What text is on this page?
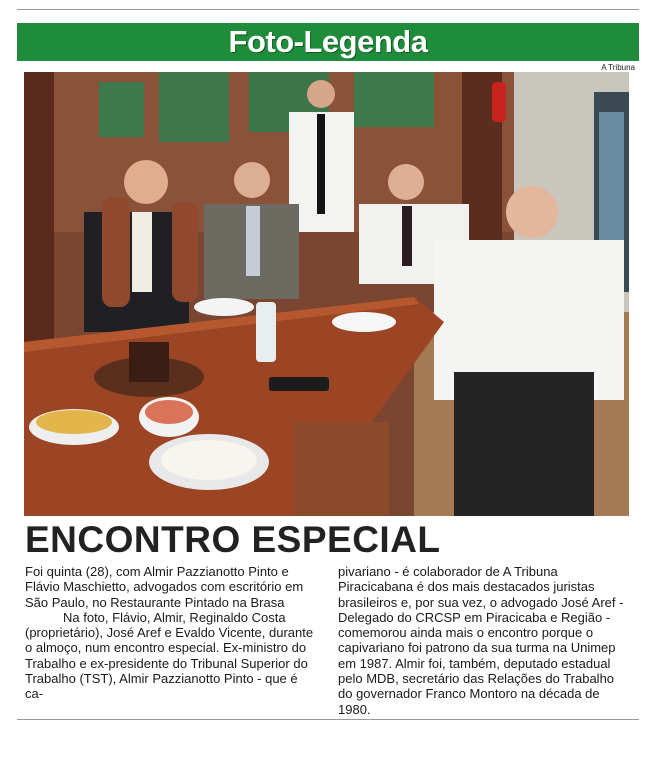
Foto-Legenda
A Tribuna
ENCONTRO ESPECIAL

Foi quinta (28), com Almir Pazzianotto Pinto e Flávio Maschietto, advogados com escritório em São Paulo, no Restaurante Pintado na Brasa

Na foto, Flávio, Almir, Reginaldo Costa (proprietário), José Aref e Evaldo Vicente, durante o almoço, num encontro especial. Ex-ministro do Trabalho e ex-presidente do Tribunal Superior do Trabalho (TST), Almir Pazzianotto Pinto - que é ca-

pivariano - é colaborador de A Tribuna Piracicabana é dos mais destacados juristas brasileiros e, por sua vez, o advogado José Aref - Delegado do CRCSP em Piracicaba e Região - comemorou ainda mais o encontro porque o capivariano foi patrono da sua turma na Unimep em 1987. Almir foi, também, deputado estadual pelo MDB, secretário das Relações do Trabalho do governador Franco Montoro na década de 1980.
